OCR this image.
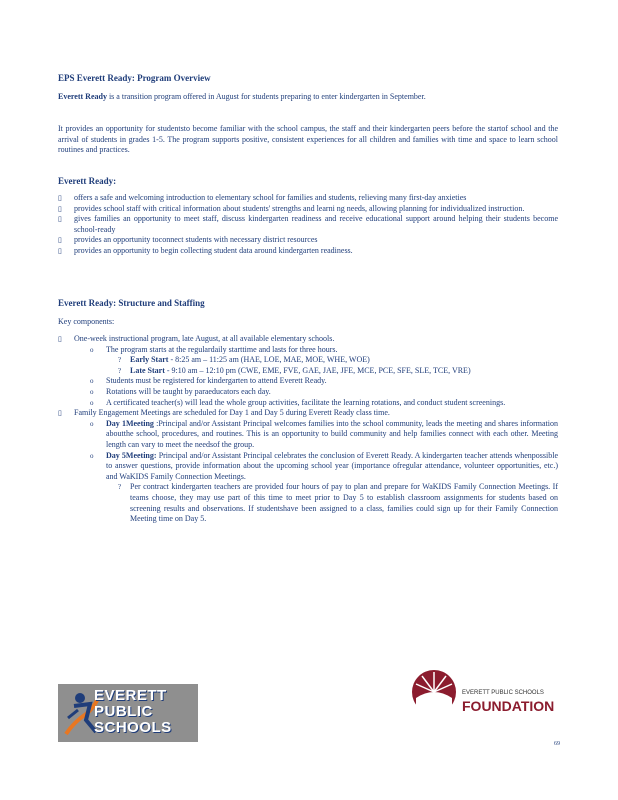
EPS Everett Ready: Program Overview
Everett Ready is a transition program offered in August for students preparing to enter kindergarten in September.
It provides an opportunity for studentsto become familiar with the school campus, the staff and their kindergarten peers before the startof school and the arrival of students in grades 1-5. The program supports positive, consistent experiences for all children and families with time and space to learn school routines and practices.
Everett Ready:
▯	offers a safe and welcoming introduction to elementary school for families and students, relieving many first-day anxieties
▯	provides school staff with critical information about students' strengths and learni ng needs, allowing planning for individualized instruction.
▯	gives families an opportunity to meet staff, discuss kindergarten readiness and receive educational support around helping their students become school-ready
▯	provides an opportunity toconnect students with necessary district resources
▯	provides an opportunity to begin collecting student data around kindergarten readiness.
Everett Ready: Structure and Staffing
Key components:
▯	One-week instructional program, late August, at all available elementary schools.
o	The program starts at the regulardaily starttime and lasts for three hours.
?	Early Start - 8:25 am – 11:25 am (HAE, LOE, MAE, MOE, WHE, WOE)
?	Late Start - 9:10 am – 12:10 pm (CWE, EME, FVE, GAE, JAE, JFE, MCE, PCE, SFE, SLE, TCE, VRE)
o	Students must be registered for kindergarten to attend Everett Ready.
o	Rotations will be taught by paraeducators each day.
o	A certificated teacher(s) will lead the whole group activities, facilitate the learning rotations, and conduct student screenings.
▯	Family Engagement Meetings are scheduled for Day 1 and Day 5 during Everett Ready class time.
o	Day 1Meeting :Principal and/or Assistant Principal welcomes families into the school community, leads the meeting and shares information aboutthe school, procedures, and routines. This is an opportunity to build community and help families connect with each other. Meeting length can vary to meet the needsof the group.
o	Day 5Meeting: Principal and/or Assistant Principal celebrates the conclusion of Everett Ready. A kindergarten teacher attends whenpossible to answer questions, provide information about the upcoming school year (importance ofregular attendance, volunteer opportunities, etc.) and WaKIDS Family Connection Meetings.
?	Per contract kindergarten teachers are provided four hours of pay to plan and prepare for WaKIDS Family Connection Meetings. If teams choose, they may use part of this time to meet prior to Day 5 to establish classroom assignments for students based on screening results and observations. If studentshave been assigned to a class, families could sign up for their Family Connection Meeting time on Day 5.
EVERETT
PUBLIC
SCHOOLS
EVERETT PUBLIC SCHOOLS
FOUNDATION
69
